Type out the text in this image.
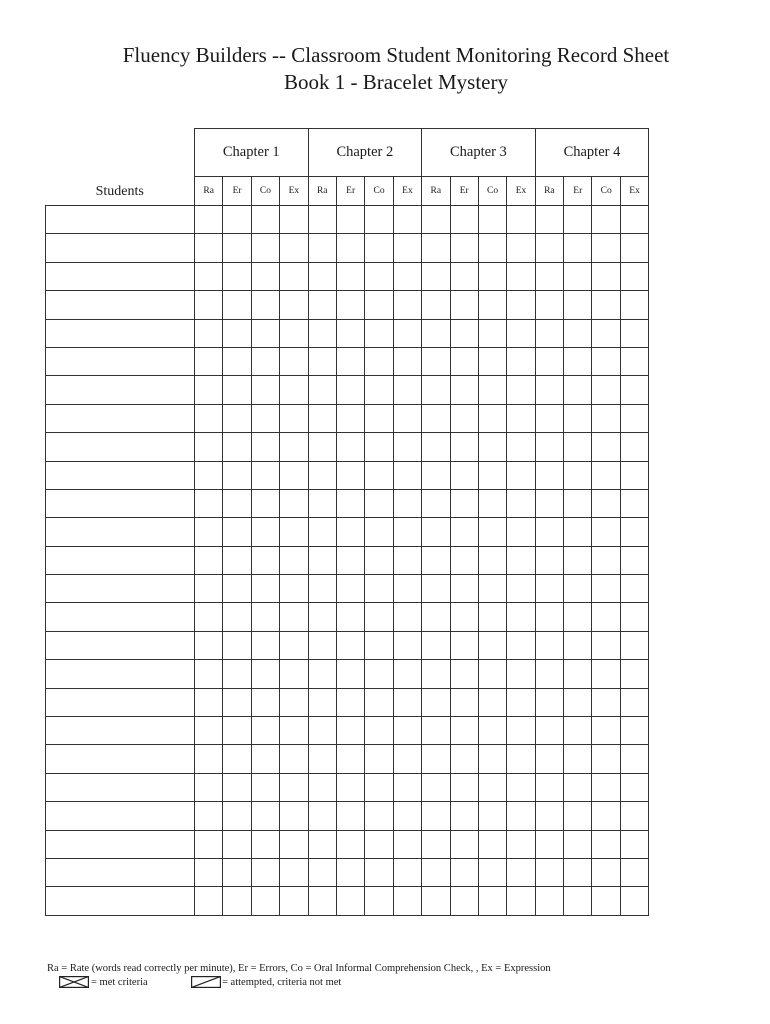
Fluency Builders -- Classroom Student Monitoring Record Sheet
Book 1 - Bracelet Mystery
Students	Chapter 1				Chapter 2				Chapter 3				Chapter 4			
	Ra	Er	Co	Ex	Ra	Er	Co	Ex	Ra	Er	Co	Ex	Ra	Er	Co	Ex

Ra = Rate (words read correctly per minute), Er = Errors, Co = Oral Informal Comprehension Check, , Ex = Expression
= met criteria	= attempted, criteria not met
